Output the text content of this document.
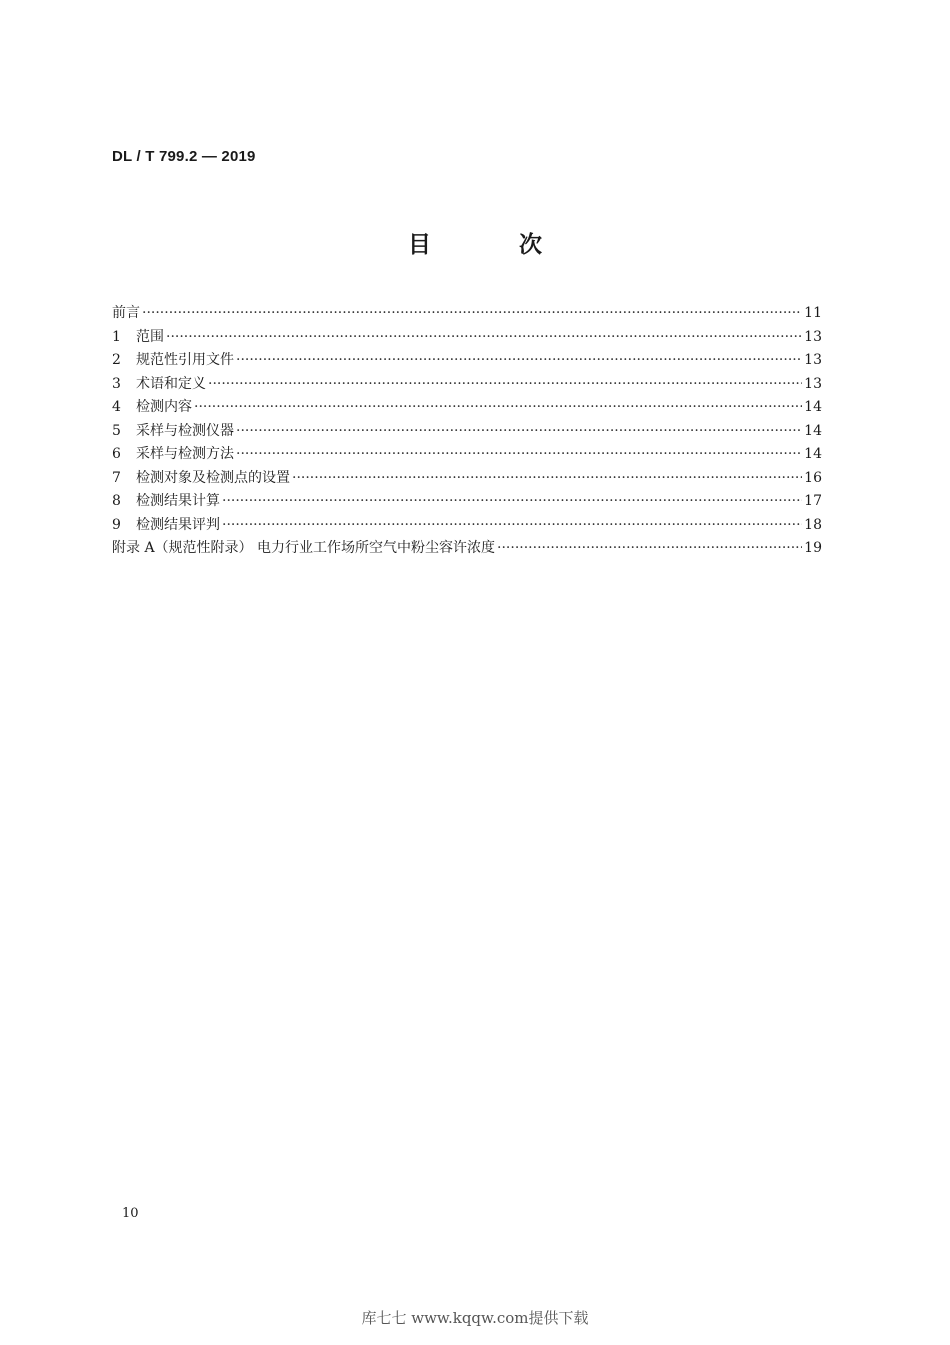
DL / T 799.2 — 2019
目 次
前言 ·····	11
1	范围 ·····	13
2	规范性引用文件 ·····	13
3	术语和定义 ·····	13
4	检测内容 ·····	14
5	采样与检测仪器 ·····	14
6	采样与检测方法 ·····	14
7	检测对象及检测点的设置 ·····	16
8	检测结果计算 ·····	17
9	检测结果评判 ·····	18
附录 A（规范性附录） 电力行业工作场所空气中粉尘容许浓度 ·····	19
10
库七七 www.kqqw.com提供下载
